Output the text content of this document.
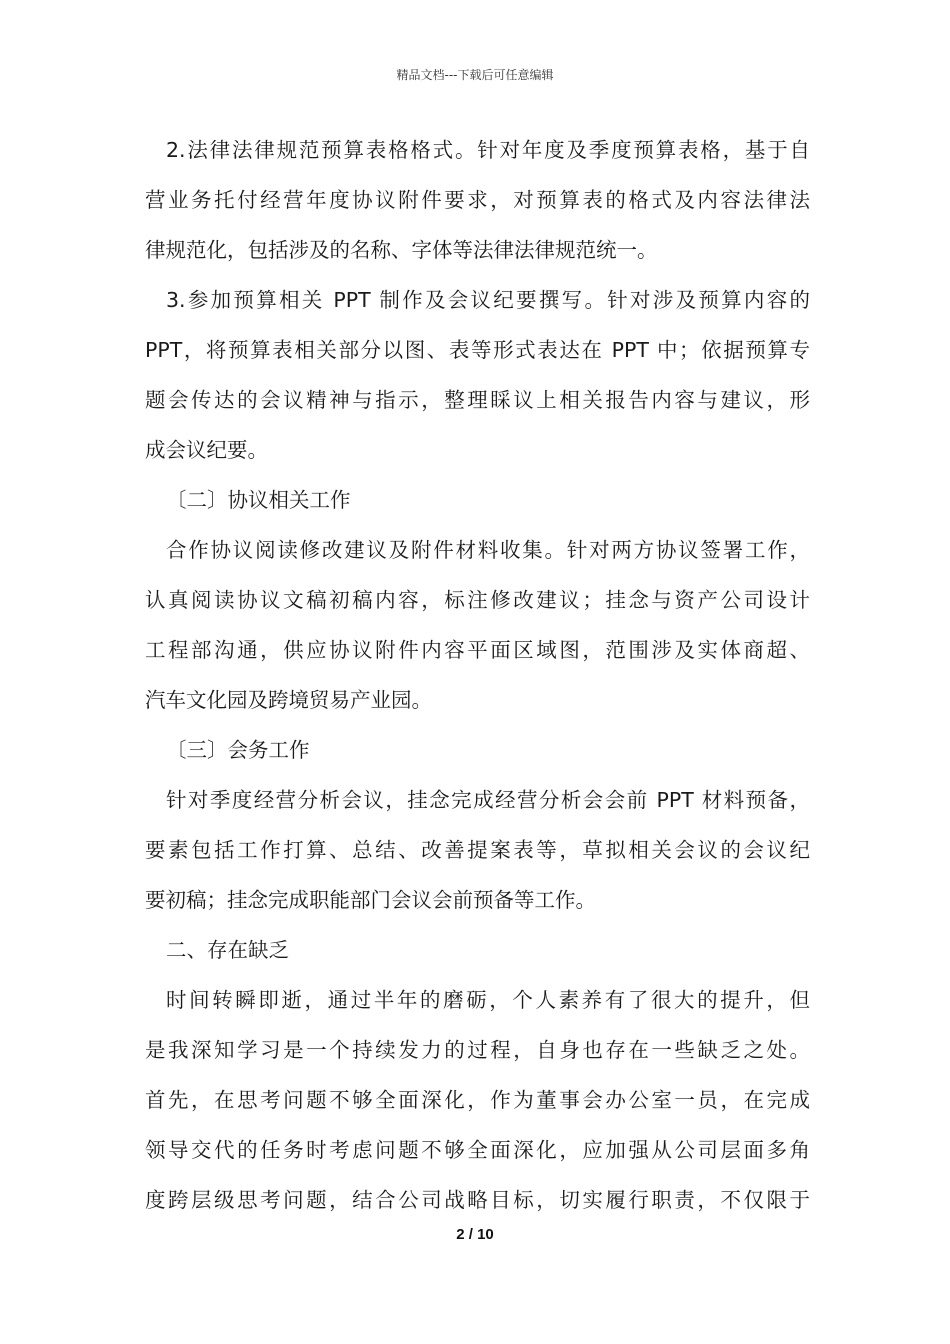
精品文档---下载后可任意编辑
2.法律法律规范预算表格格式。针对年度及季度预算表格，基于自
营业务托付经营年度协议附件要求，对预算表的格式及内容法律法
律规范化，包括涉及的名称、字体等法律法律规范统一。
3.参加预算相关 PPT 制作及会议纪要撰写。针对涉及预算内容的
PPT，将预算表相关部分以图、表等形式表达在 PPT 中；依据预算专
题会传达的会议精神与指示，整理睬议上相关报告内容与建议，形
成会议纪要。
〔二〕协议相关工作
合作协议阅读修改建议及附件材料收集。针对两方协议签署工作，
认真阅读协议文稿初稿内容，标注修改建议；挂念与资产公司设计
工程部沟通，供应协议附件内容平面区域图，范围涉及实体商超、
汽车文化园及跨境贸易产业园。
〔三〕会务工作
针对季度经营分析会议，挂念完成经营分析会会前 PPT 材料预备，
要素包括工作打算、总结、改善提案表等，草拟相关会议的会议纪
要初稿；挂念完成职能部门会议会前预备等工作。
二、存在缺乏
时间转瞬即逝，通过半年的磨砺，个人素养有了很大的提升，但
是我深知学习是一个持续发力的过程，自身也存在一些缺乏之处。
首先，在思考问题不够全面深化，作为董事会办公室一员，在完成
领导交代的任务时考虑问题不够全面深化，应加强从公司层面多角
度跨层级思考问题，结合公司战略目标，切实履行职责，不仅限于
2 / 10
